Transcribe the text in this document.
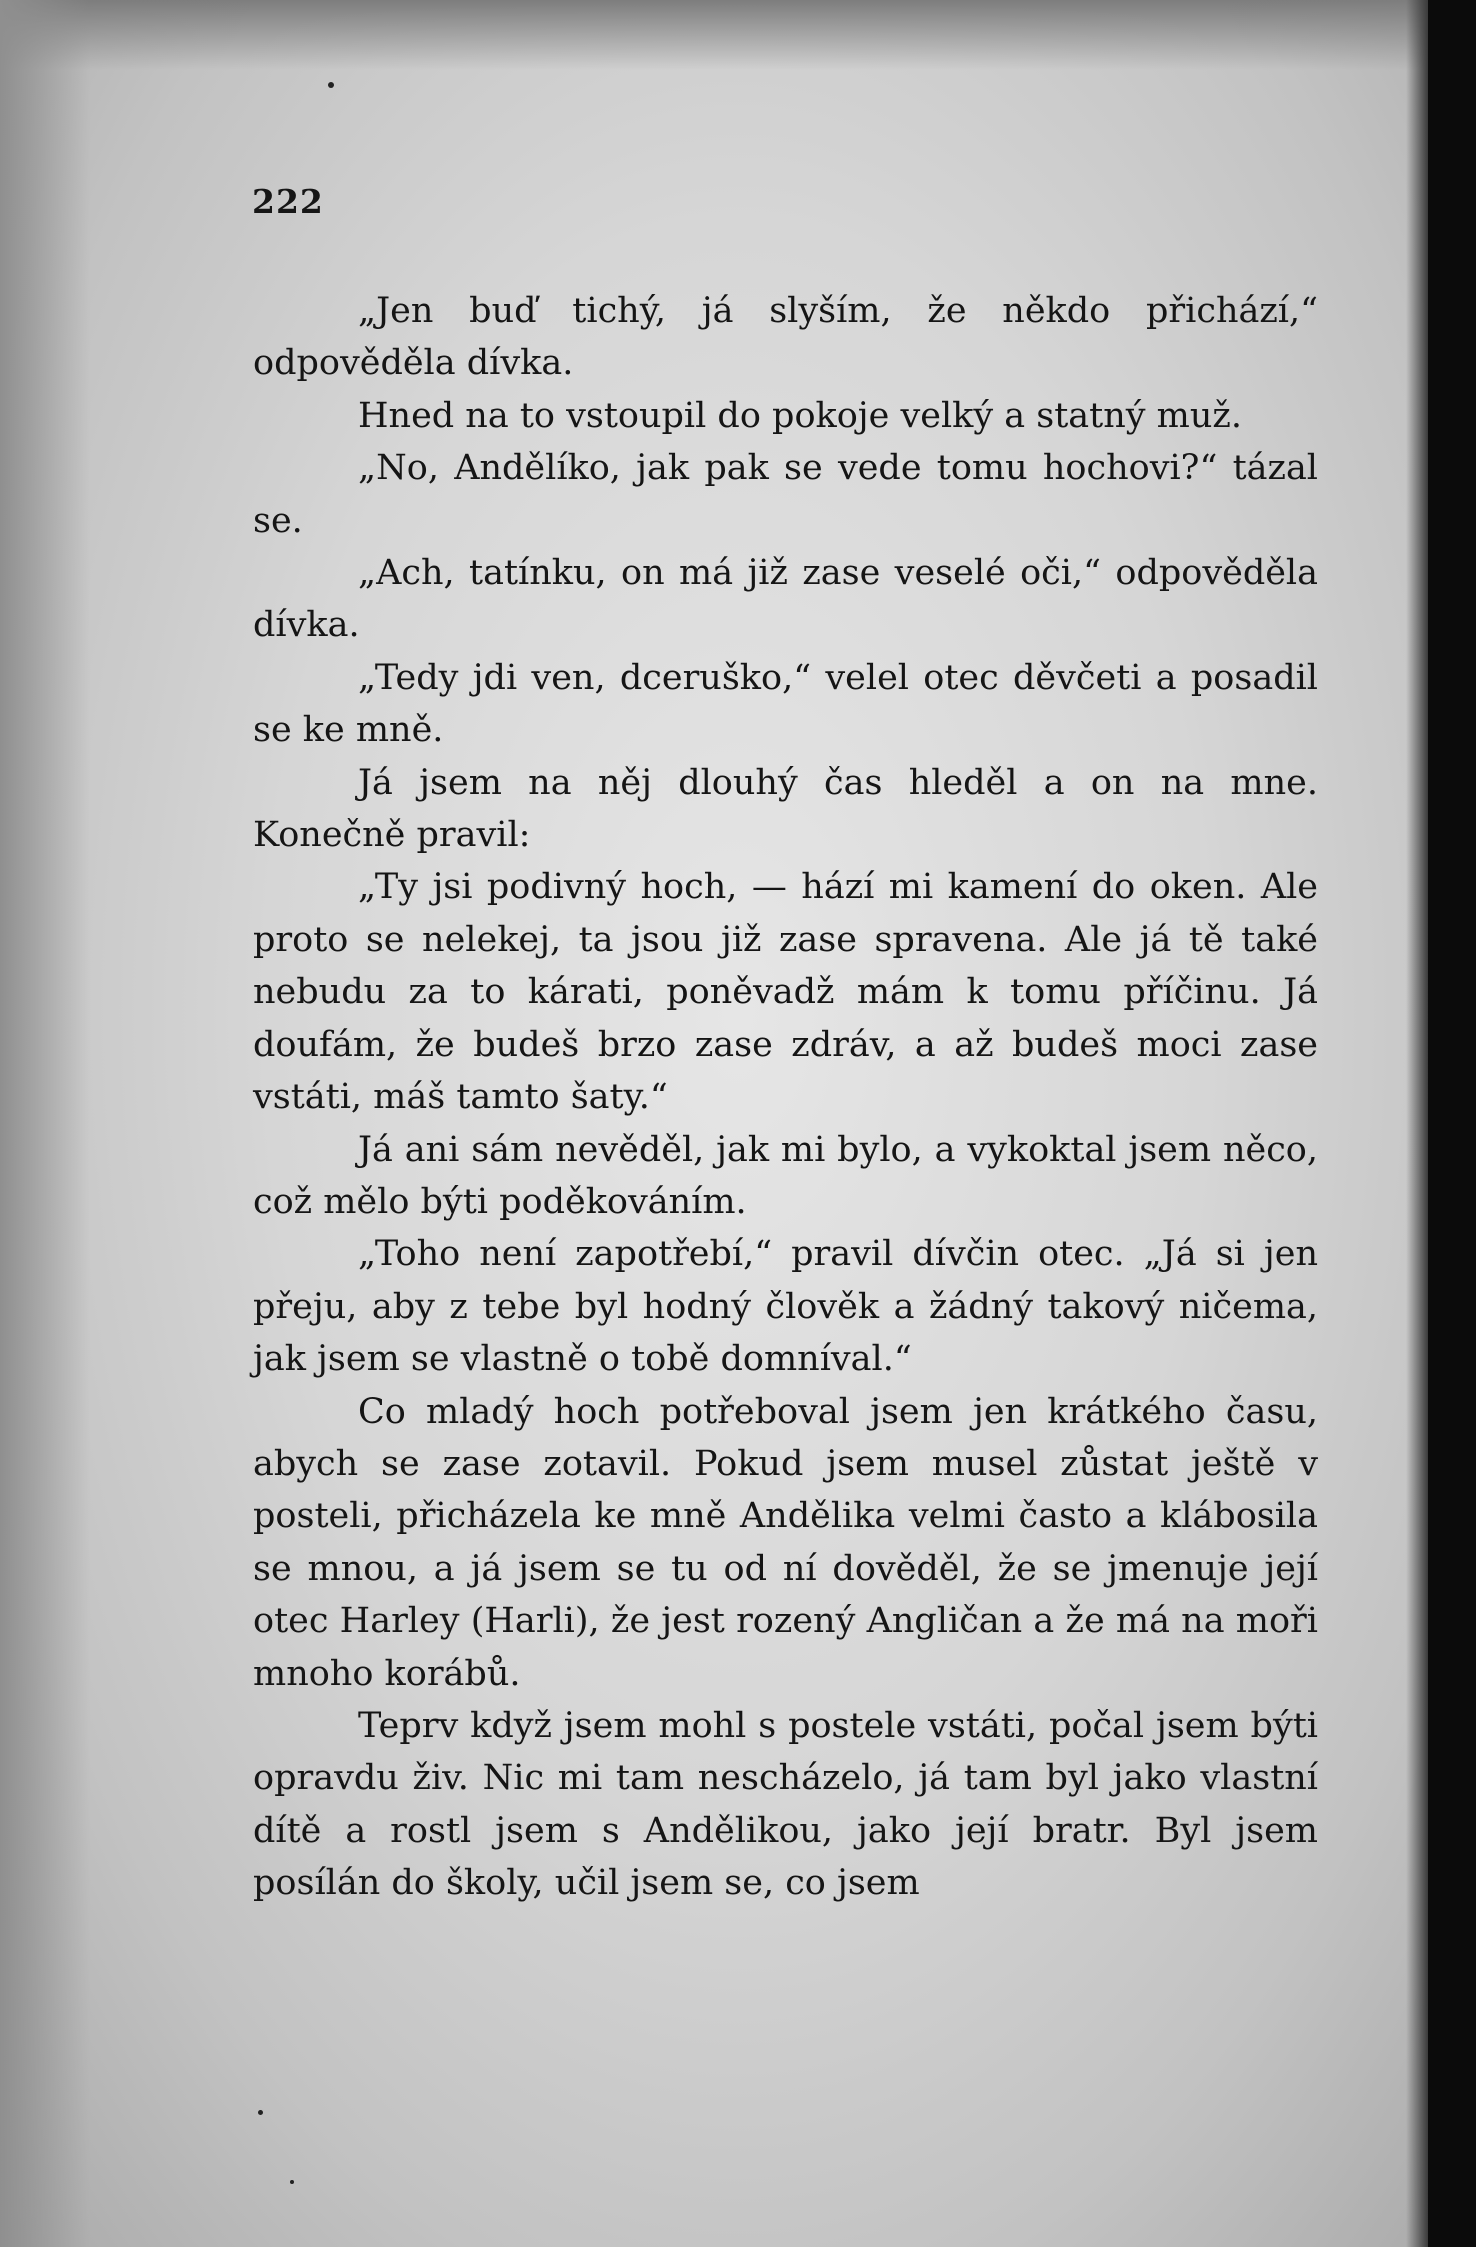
222

„Jen buď tichý, já slyším, že někdo přichází,“ odpověděla dívka.

Hned na to vstoupil do pokoje velký a statný muž.

„No, Andělíko, jak pak se vede tomu hochovi?“ tázal se.

„Ach, tatínku, on má již zase veselé oči,“ odpověděla dívka.

„Tedy jdi ven, dceruško,“ velel otec děvčeti a posadil se ke mně.

Já jsem na něj dlouhý čas hleděl a on na mne. Konečně pravil:

„Ty jsi podivný hoch, — hází mi kamení do oken. Ale proto se nelekej, ta jsou již zase spravena. Ale já tě také nebudu za to kárati, poněvadž mám k tomu příčinu. Já doufám, že budeš brzo zase zdráv, a až budeš moci zase vstáti, máš tamto šaty.“

Já ani sám nevěděl, jak mi bylo, a vykoktal jsem něco, což mělo býti poděkováním.

„Toho není zapotřebí,“ pravil dívčin otec. „Já si jen přeju, aby z tebe byl hodný člověk a žádný takový ničema, jak jsem se vlastně o tobě domníval.“

Co mladý hoch potřeboval jsem jen krátkého času, abych se zase zotavil. Pokud jsem musel zůstat ještě v posteli, přicházela ke mně Andělika velmi často a klábosila se mnou, a já jsem se tu od ní dověděl, že se jmenuje její otec Harley (Harli), že jest rozený Angličan a že má na moři mnoho korábů.

Teprv když jsem mohl s postele vstáti, počal jsem býti opravdu živ. Nic mi tam nescházelo, já tam byl jako vlastní dítě a rostl jsem s Andělikou, jako její bratr. Byl jsem posílán do školy, učil jsem se, co jsem
